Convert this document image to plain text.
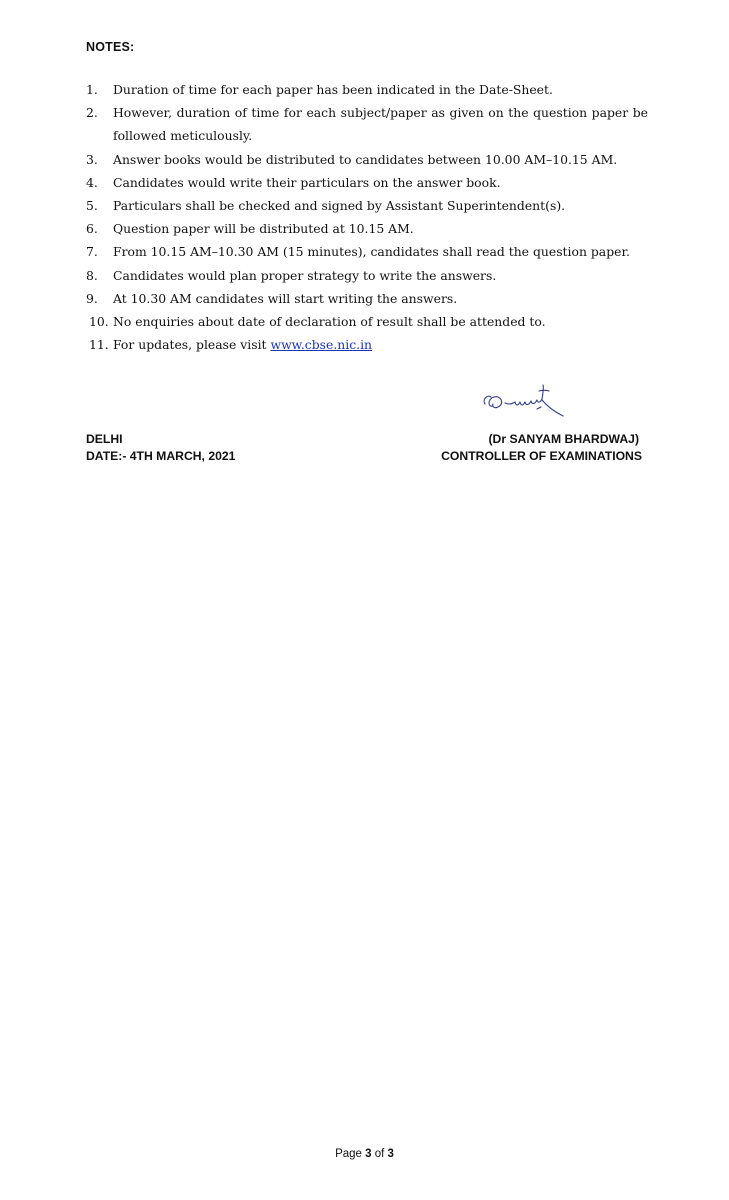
NOTES:
1.	Duration of time for each paper has been indicated in the Date-Sheet.
2.	However, duration of time for each subject/paper as given on the question paper be followed meticulously.
3.	Answer books would be distributed to candidates between 10.00 AM–10.15 AM.
4.	Candidates would write their particulars on the answer book.
5.	Particulars shall be checked and signed by Assistant Superintendent(s).
6.	Question paper will be distributed at 10.15 AM.
7.	From 10.15 AM–10.30 AM (15 minutes), candidates shall read the question paper.
8.	Candidates would plan proper strategy to write the answers.
9.	At 10.30 AM candidates will start writing the answers.
10. No enquiries about date of declaration of result shall be attended to.
11. For updates, please visit www.cbse.nic.in
DELHI
DATE:- 4TH MARCH, 2021
(Dr SANYAM BHARDWAJ)
CONTROLLER OF EXAMINATIONS
Page 3 of 3
